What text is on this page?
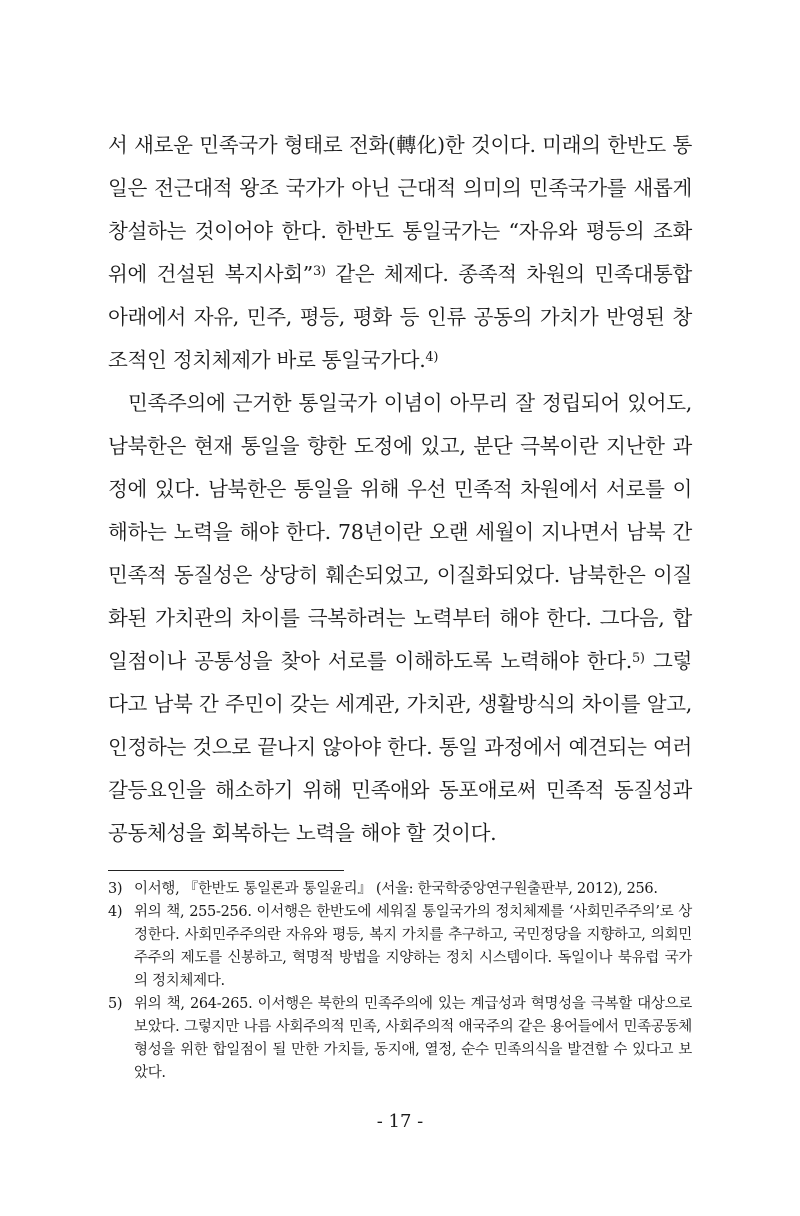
서 새로운 민족국가 형태로 전화(轉化)한 것이다. 미래의 한반도 통일은 전근대적 왕조 국가가 아닌 근대적 의미의 민족국가를 새롭게 창설하는 것이어야 한다. 한반도 통일국가는 “자유와 평등의 조화 위에 건설된 복지사회”$^{3)}$ 같은 체제다. 종족적 차원의 민족대통합 아래에서 자유, 민주, 평등, 평화 등 인류 공동의 가치가 반영된 창조적인 정치체제가 바로 통일국가다.$^{4)}$

민족주의에 근거한 통일국가 이념이 아무리 잘 정립되어 있어도, 남북한은 현재 통일을 향한 도정에 있고, 분단 극복이란 지난한 과정에 있다. 남북한은 통일을 위해 우선 민족적 차원에서 서로를 이해하는 노력을 해야 한다. 78년이란 오랜 세월이 지나면서 남북 간 민족적 동질성은 상당히 훼손되었고, 이질화되었다. 남북한은 이질화된 가치관의 차이를 극복하려는 노력부터 해야 한다. 그다음, 합일점이나 공통성을 찾아 서로를 이해하도록 노력해야 한다.$^{5)}$ 그렇다고 남북 간 주민이 갖는 세계관, 가치관, 생활방식의 차이를 알고, 인정하는 것으로 끝나지 않아야 한다. 통일 과정에서 예견되는 여러 갈등요인을 해소하기 위해 민족애와 동포애로써 민족적 동질성과 공동체성을 회복하는 노력을 해야 할 것이다.

3) 이서행, 『한반도 통일론과 통일윤리』 (서울: 한국학중앙연구원출판부, 2012), 256.

4) 위의 책, 255-256. 이서행은 한반도에 세워질 통일국가의 정치체제를 ‘사회민주주의’로 상정한다. 사회민주주의란 자유와 평등, 복지 가치를 추구하고, 국민정당을 지향하고, 의회민주주의 제도를 신봉하고, 혁명적 방법을 지양하는 정치 시스템이다. 독일이나 북유럽 국가의 정치체제다.

5) 위의 책, 264-265. 이서행은 북한의 민족주의에 있는 계급성과 혁명성을 극복할 대상으로 보았다. 그렇지만 나름 사회주의적 민족, 사회주의적 애국주의 같은 용어들에서 민족공동체 형성을 위한 합일점이 될 만한 가치들, 동지애, 열정, 순수 민족의식을 발견할 수 있다고 보았다.

- 17 -
